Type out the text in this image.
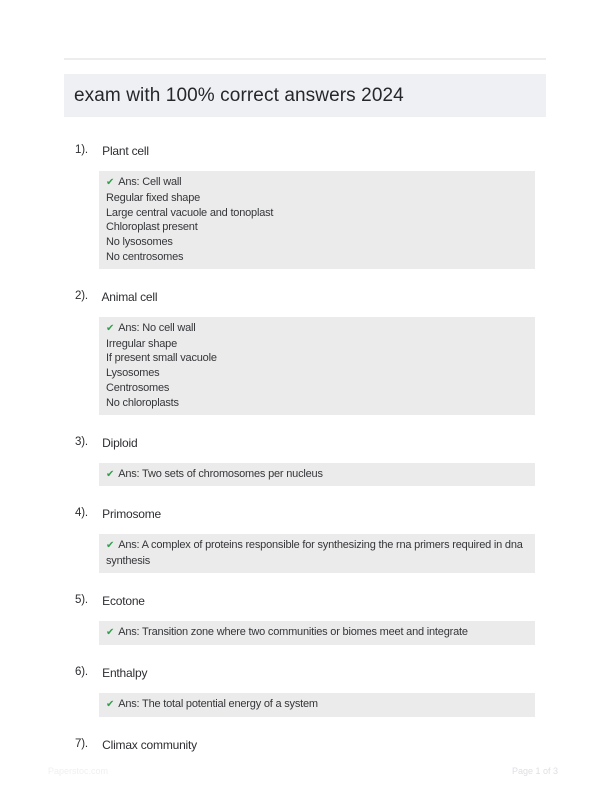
exam with 100% correct answers 2024
1). Plant cell
✔ Ans: Cell wall
Regular fixed shape
Large central vacuole and tonoplast
Chloroplast present
No lysosomes
No centrosomes
2). Animal cell
✔ Ans: No cell wall
Irregular shape
If present small vacuole
Lysosomes
Centrosomes
No chloroplasts
3). Diploid
✔ Ans: Two sets of chromosomes per nucleus
4). Primosome
✔ Ans: A complex of proteins responsible for synthesizing the rna primers required in dna synthesis
5). Ecotone
✔ Ans: Transition zone where two communities or biomes meet and integrate
6). Enthalpy
✔ Ans: The total potential energy of a system
7). Climax community
Paperstoc.com	Page 1 of 3
